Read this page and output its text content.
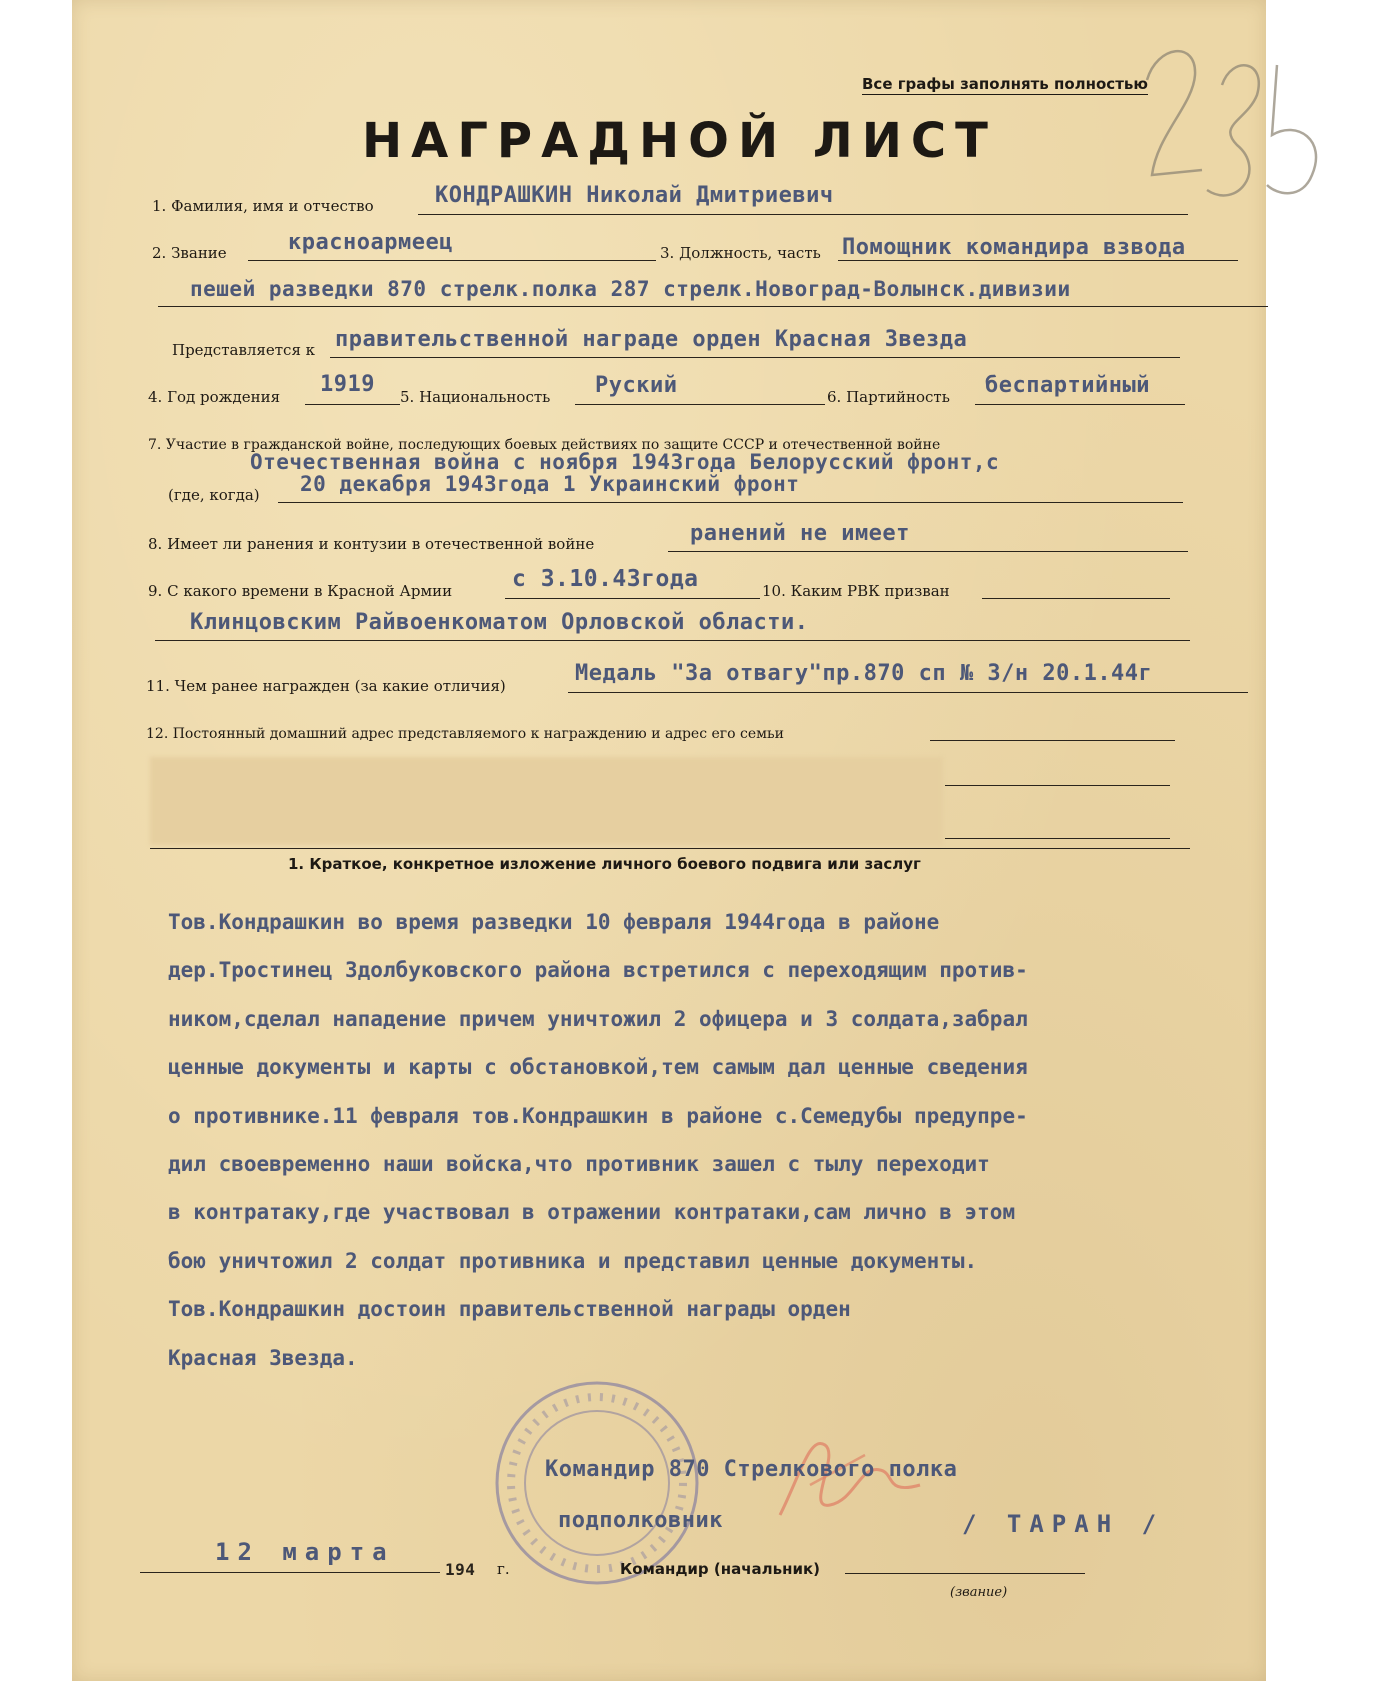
Все графы заполнять полностью
НАГРАДНОЙ ЛИСТ
1. Фамилия, имя и отчество	КОНДРАШКИН Николай Дмитриевич
2. Звание	красноармеец	3. Должность, часть Помощник командира взвода
пешей разведки 870 стрелк.полка 287 стрелк.Новоград-Волынск.дивизии
Представляется к правительственной награде орден Красная Звезда
4. Год рождения 1919 5. Национальность Руский	6. Партийность беспартийный
7. Участие в гражданской войне, последующих боевых действиях по защите СССР и отечественной войне
Отечественная война с ноября 1943года Белорусский фронт,с
(где, когда) 20 декабря 1943года 1 Украинский фронт
8. Имеет ли ранения и контузии в отечественной войне	ранений не имеет
9. С какого времени в Красной Армии	с 3.10.43года	10. Каким РВК призван
Клинцовским Райвоенкоматом Орловской области.
11. Чем ранее награжден (за какие отличия)	Медаль "За отвагу"пр.870 сп № 3/н 20.1.44г
12. Постоянный домашний адрес представляемого к награждению и адрес его семьи
1. Краткое, конкретное изложение личного боевого подвига или заслуг
Тов.Кондрашкин во время разведки 10 февраля 1944года в районе
дер.Тростинец Здолбуковского района встретился с переходящим против-
ником,сделал нападение причем уничтожил 2 офицера и 3 солдата,забрал
ценные документы и карты с обстановкой,тем самым дал ценные сведения
о противнике.11 февраля тов.Кондрашкин в районе с.Семедубы предупре-
дил своевременно наши войска,что противник зашел с тылу переходит
в контратаку,где участвовал в отражении контратаки,сам лично в этом
бою уничтожил 2 солдат противника и представил ценные документы.
Тов.Кондрашкин достоин правительственной награды орден
Красная Звезда.
Командир 870 Стрелкового полка
подполковник	/ ТАРАН /
12 марта
194 г.	Командир (начальник)
(звание)
